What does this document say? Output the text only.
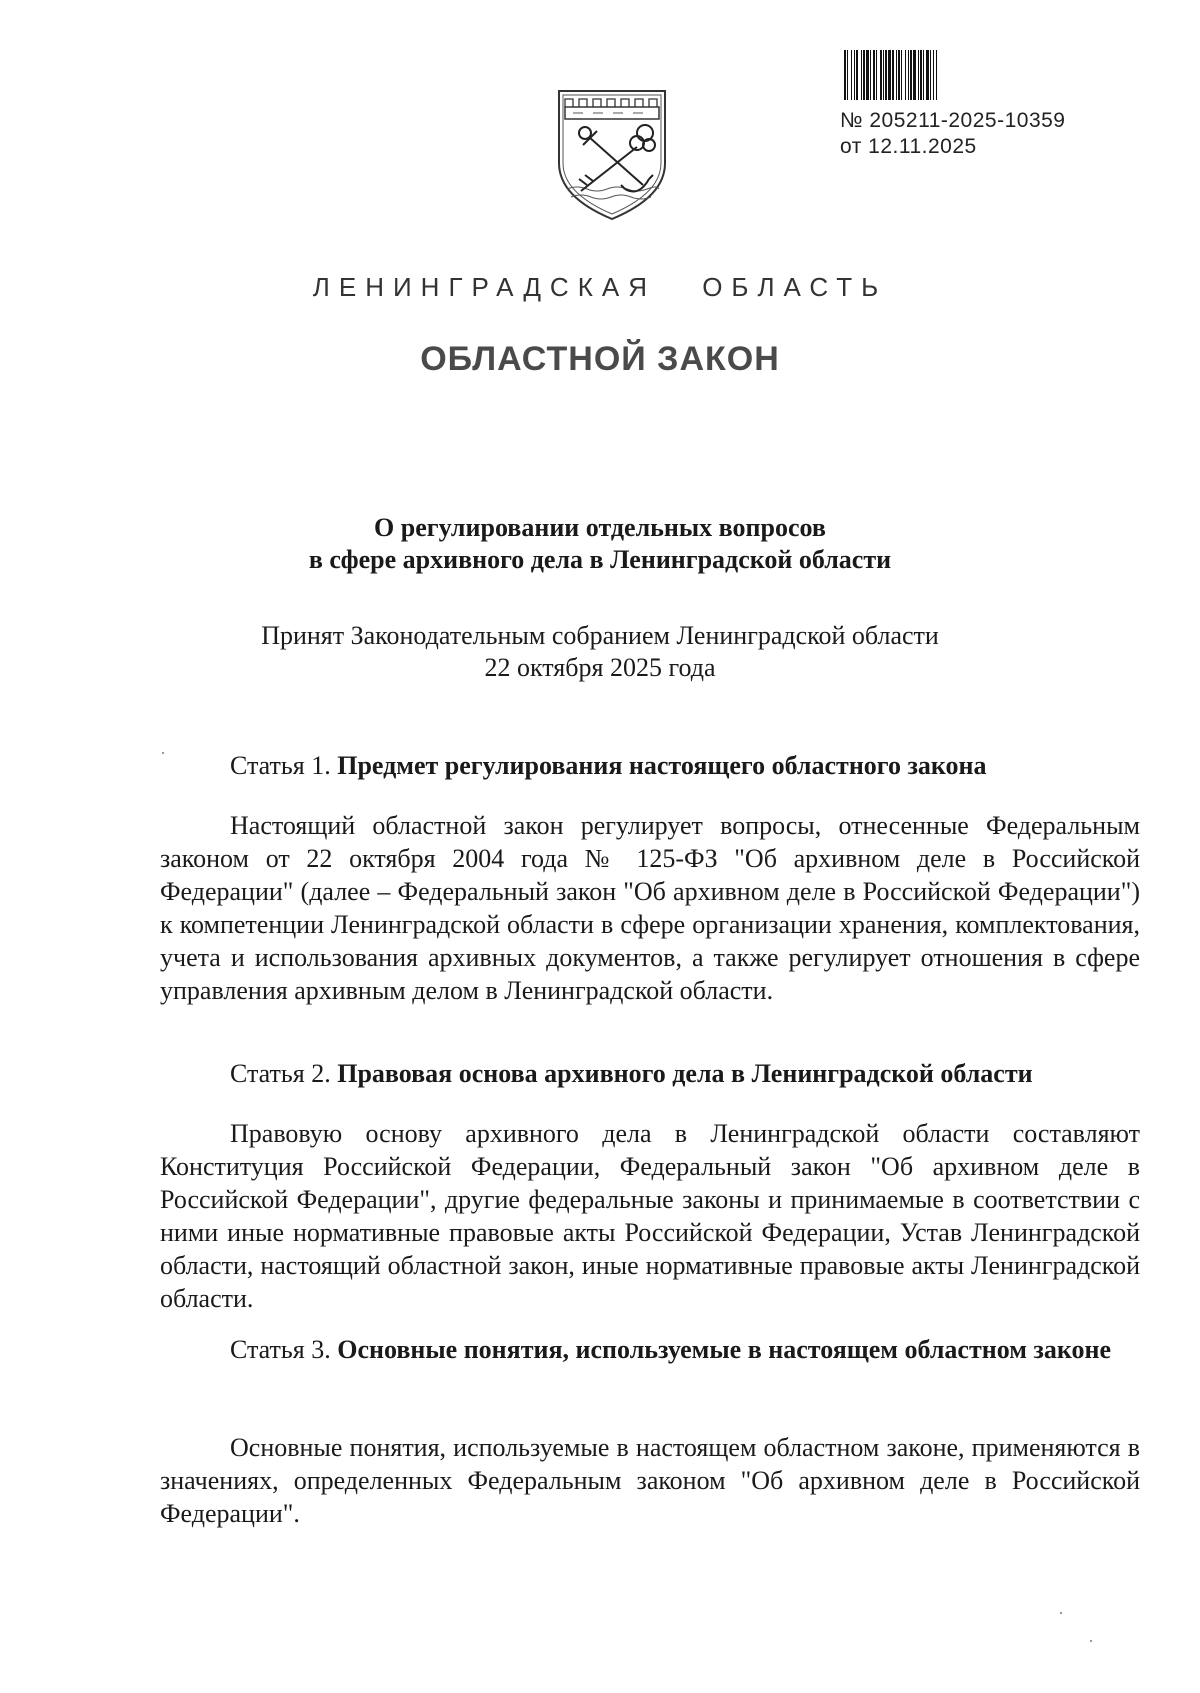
№ 205211-2025-10359
от 12.11.2025
ЛЕНИНГРАДСКАЯ ОБЛАСТЬ
ОБЛАСТНОЙ ЗАКОН
О регулировании отдельных вопросов
в сфере архивного дела в Ленинградской области
Принят Законодательным собранием Ленинградской области
22 октября 2025 года
Статья 1. Предмет регулирования настоящего областного закона
Настоящий областной закон регулирует вопросы, отнесенные Федеральным законом от 22 октября 2004 года № 125-ФЗ "Об архивном деле в Российской Федерации" (далее – Федеральный закон "Об архивном деле в Российской Федерации") к компетенции Ленинградской области в сфере организации хранения, комплектования, учета и использования архивных документов, а также регулирует отношения в сфере управления архивным делом в Ленинградской области.
Статья 2. Правовая основа архивного дела в Ленинградской области
Правовую основу архивного дела в Ленинградской области составляют Конституция Российской Федерации, Федеральный закон "Об архивном деле в Российской Федерации", другие федеральные законы и принимаемые в соответствии с ними иные нормативные правовые акты Российской Федерации, Устав Ленинградской области, настоящий областной закон, иные нормативные правовые акты Ленинградской области.
Статья 3. Основные понятия, используемые в настоящем областном законе
Основные понятия, используемые в настоящем областном законе, применяются в значениях, определенных Федеральным законом "Об архивном деле в Российской Федерации".
